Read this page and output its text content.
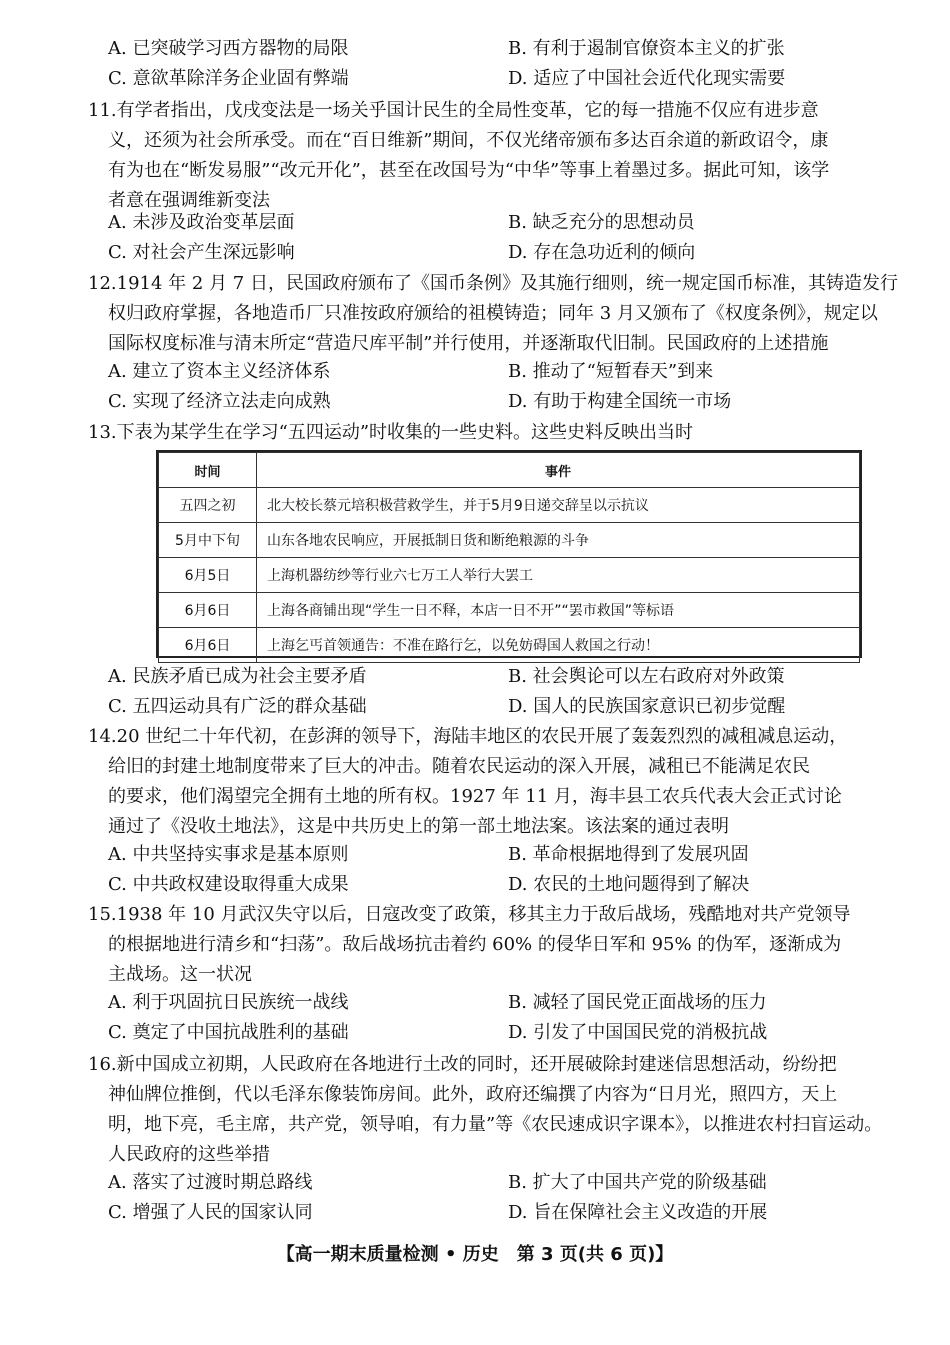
A. 已突破学习西方器物的局限	B. 有利于遏制官僚资本主义的扩张
C. 意欲革除洋务企业固有弊端	D. 适应了中国社会近代化现实需要
11.有学者指出，戊戌变法是一场关乎国计民生的全局性变革，它的每一措施不仅应有进步意
义，还须为社会所承受。而在“百日维新”期间，不仅光绪帝颁布多达百余道的新政诏令，康
有为也在“断发易服”“改元开化”，甚至在改国号为“中华”等事上着墨过多。据此可知，该学
者意在强调维新变法
A. 未涉及政治变革层面	B. 缺乏充分的思想动员
C. 对社会产生深远影响	D. 存在急功近利的倾向
12.1914 年 2 月 7 日，民国政府颁布了《国币条例》及其施行细则，统一规定国币标准，其铸造发行
权归政府掌握，各地造币厂只准按政府颁给的祖模铸造；同年 3 月又颁布了《权度条例》，规定以
国际权度标准与清末所定“营造尺库平制”并行使用，并逐渐取代旧制。民国政府的上述措施
A. 建立了资本主义经济体系	B. 推动了“短暂春天”到来
C. 实现了经济立法走向成熟	D. 有助于构建全国统一市场
13.下表为某学生在学习“五四运动”时收集的一些史料。这些史料反映出当时
时间	事件
五四之初	北大校长蔡元培积极营救学生，并于5月9日递交辞呈以示抗议
5月中下旬	山东各地农民响应，开展抵制日货和断绝粮源的斗争
6月5日	上海机器纺纱等行业六七万工人举行大罢工
6月6日	上海各商铺出现“学生一日不释，本店一日不开”“罢市救国”等标语
6月6日	上海乞丐首领通告：不准在路行乞，以免妨碍国人救国之行动！
A. 民族矛盾已成为社会主要矛盾	B. 社会舆论可以左右政府对外政策
C. 五四运动具有广泛的群众基础	D. 国人的民族国家意识已初步觉醒
14.20 世纪二十年代初，在彭湃的领导下，海陆丰地区的农民开展了轰轰烈烈的减租减息运动，
给旧的封建土地制度带来了巨大的冲击。随着农民运动的深入开展，减租已不能满足农民
的要求，他们渴望完全拥有土地的所有权。1927 年 11 月，海丰县工农兵代表大会正式讨论
通过了《没收土地法》，这是中共历史上的第一部土地法案。该法案的通过表明
A. 中共坚持实事求是基本原则	B. 革命根据地得到了发展巩固
C. 中共政权建设取得重大成果	D. 农民的土地问题得到了解决
15.1938 年 10 月武汉失守以后，日寇改变了政策，移其主力于敌后战场，残酷地对共产党领导
的根据地进行清乡和“扫荡”。敌后战场抗击着约 60% 的侵华日军和 95% 的伪军，逐渐成为
主战场。这一状况
A. 利于巩固抗日民族统一战线	B. 减轻了国民党正面战场的压力
C. 奠定了中国抗战胜利的基础	D. 引发了中国国民党的消极抗战
16.新中国成立初期，人民政府在各地进行土改的同时，还开展破除封建迷信思想活动，纷纷把
神仙牌位推倒，代以毛泽东像装饰房间。此外，政府还编撰了内容为“日月光，照四方，天上
明，地下亮，毛主席，共产党，领导咱，有力量”等《农民速成识字课本》，以推进农村扫盲运动。
人民政府的这些举措
A. 落实了过渡时期总路线	B. 扩大了中国共产党的阶级基础
C. 增强了人民的国家认同	D. 旨在保障社会主义改造的开展
【高一期末质量检测 • 历史　第 3 页(共 6 页)】
